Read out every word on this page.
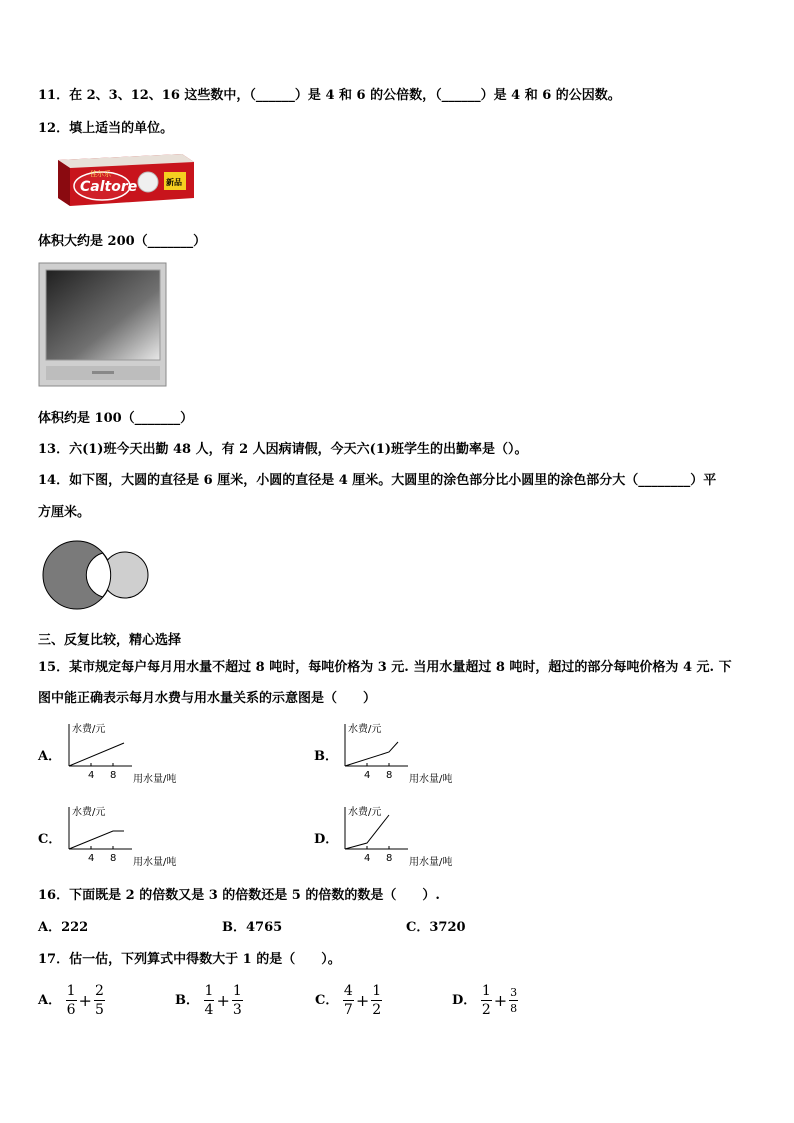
11．在 2、3、12、16 这些数中，（______）是 4 和 6 的公倍数，（______）是 4 和 6 的公因数。
12．填上适当的单位。
Caltore
佳尔乐
新品
体积大约是 200（_______）
体积约是 100（_______）
13．六(1)班今天出勤 48 人，有 2 人因病请假，今天六(1)班学生的出勤率是（）。
14．如下图，大圆的直径是 6 厘米，小圆的直径是 4 厘米。大圆里的涂色部分比小圆里的涂色部分大（________）平
方厘米。
三、反复比较，精心选择
15．某市规定每户每月用水量不超过 8 吨时，每吨价格为 3 元. 当用水量超过 8 吨时，超过的部分每吨价格为 4 元. 下
图中能正确表示每月水费与用水量关系的示意图是（　　）
A．
水费/元
4 8 用水量/吨
B．
水费/元
4 8 用水量/吨
C．
水费/元
4 8 用水量/吨
D．
水费/元
4 8 用水量/吨
16．下面既是 2 的倍数又是 3 的倍数还是 5 的倍数的数是（　　）.
A．222	B．4765	C．3720
17．估一估，下列算式中得数大于 1 的是（　　）。
A． $\frac{1}{6} + \frac{2}{5}$	B． $\frac{1}{4} + \frac{1}{3}$	C． $\frac{4}{7} + \frac{1}{2}$	D． $\frac{1}{2} + \frac{3}{8}$
